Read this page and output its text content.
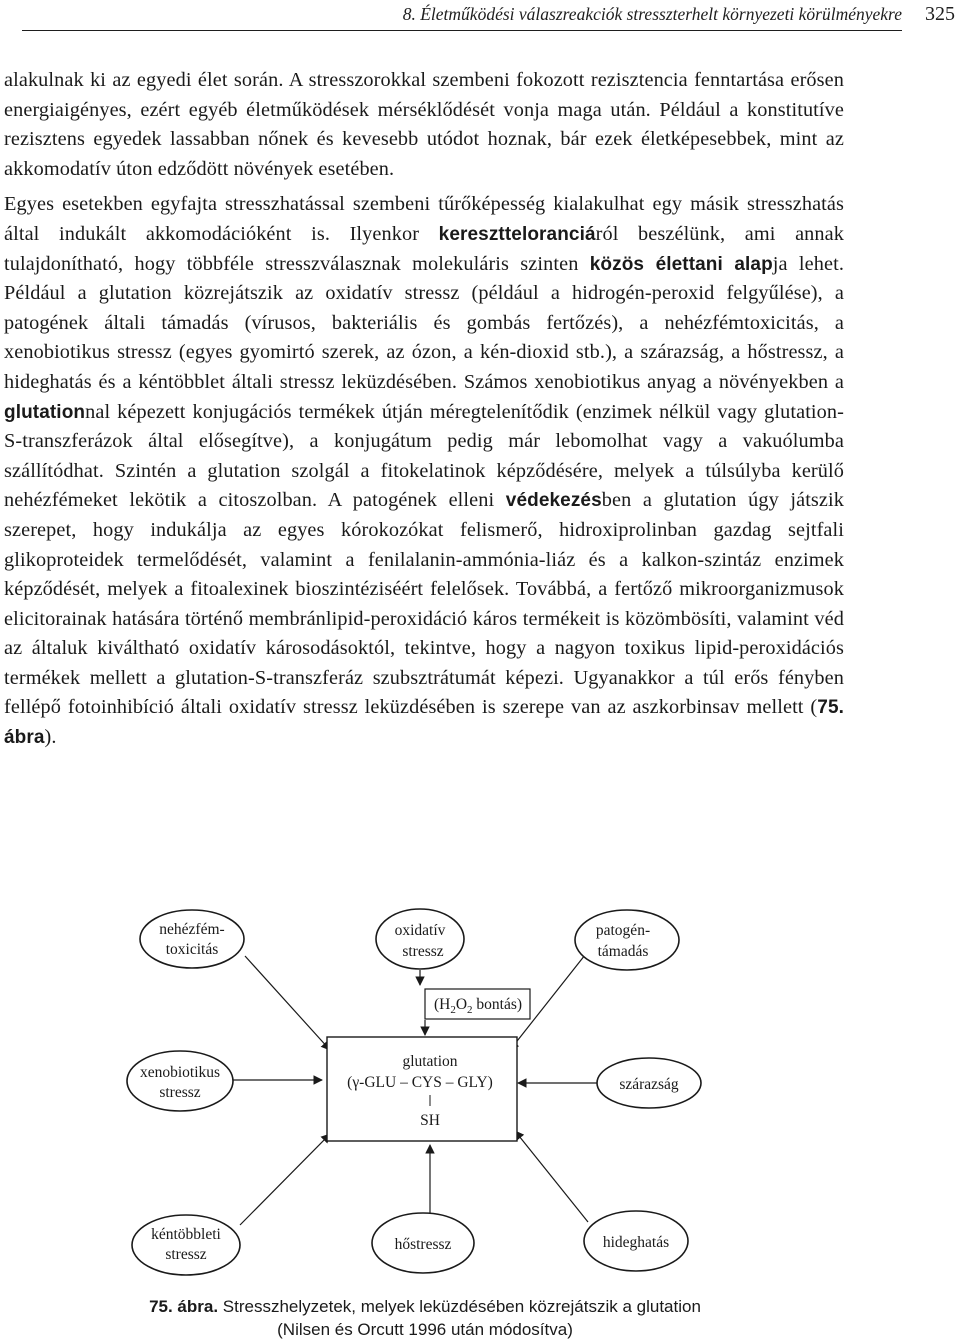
8. Életműködési válaszreakciók stresszterhelt környezeti körülményekre	325

alakulnak ki az egyedi élet során. A stresszorokkal szembeni fokozott rezisztencia fenntartása erősen energiaigényes, ezért egyéb életműködések mérséklődését vonja maga után. Például a konstitutíve rezisztens egyedek lassabban nőnek és kevesebb utódot hoznak, bár ezek életképesebbek, mint az akkomodatív úton edződött növények esetében.

Egyes esetekben egyfajta stresszhatással szembeni tűrőképesség kialakulhat egy másik stresszhatás által indukált akkomodációként is. Ilyenkor keresztteloranciáról beszélünk, ami annak tulajdonítható, hogy többféle stresszválasznak molekuláris szinten közös élettani alapja lehet. Például a glutation közrejátszik az oxidatív stressz (például a hidrogén-peroxid felgyűlése), a patogének általi támadás (vírusos, bakteriális és gombás fertőzés), a nehézfémtoxicitás, a xenobiotikus stressz (egyes gyomirtó szerek, az ózon, a kén-dioxid stb.), a szárazság, a hőstressz, a hideghatás és a kéntöbblet általi stressz leküzdésében. Számos xenobiotikus anyag a növényekben a glutationnal képezett konjugációs termékek útján méregtelenítődik (enzimek nélkül vagy glutation-S-transzferázok által elősegítve), a konjugátum pedig már lebomolhat vagy a vakuólumba szállítódhat. Szintén a glutation szolgál a fitokelatinok képződésére, melyek a túlsúlyba kerülő nehézfémeket lekötik a citoszolban. A patogének elleni védekezésben a glutation úgy játszik szerepet, hogy indukálja az egyes kórokozókat felismerő, hidroxiprolinban gazdag sejtfali glikoproteidek termelődését, valamint a fenilalanin-ammónia-liáz és a kalkon-szintáz enzimek képződését, melyek a fitoalexinek bioszintéziséért felelősek. Továbbá, a fertőző mikroorganizmusok elicitorainak hatására történő membránlipid-peroxidáció káros termékeit is közömbösíti, valamint véd az általuk kiváltható oxidatív károsodásoktól, tekintve, hogy a nagyon toxikus lipid-peroxidációs termékek mellett a glutation-S-transzferáz szubsztrátumát képezi. Ugyanakkor a túl erős fényben fellépő fotoinhibíció általi oxidatív stressz leküzdésében is szerepe van az aszkorbinsav mellett (75. ábra).

($H_2O_2$ bontás)
glutation
(γ-GLU – CYS – GLY)
SH
nehézfém-
toxicitás
oxidatív
stressz
patogén-
támadás
xenobiotikus
stressz	szárazság
kéntöbbleti
stressz
hőstressz	hideghatás
75. ábra. Stresszhelyzetek, melyek leküzdésében közrejátszik a glutation
(Nilsen és Orcutt 1996 után módosítva)
